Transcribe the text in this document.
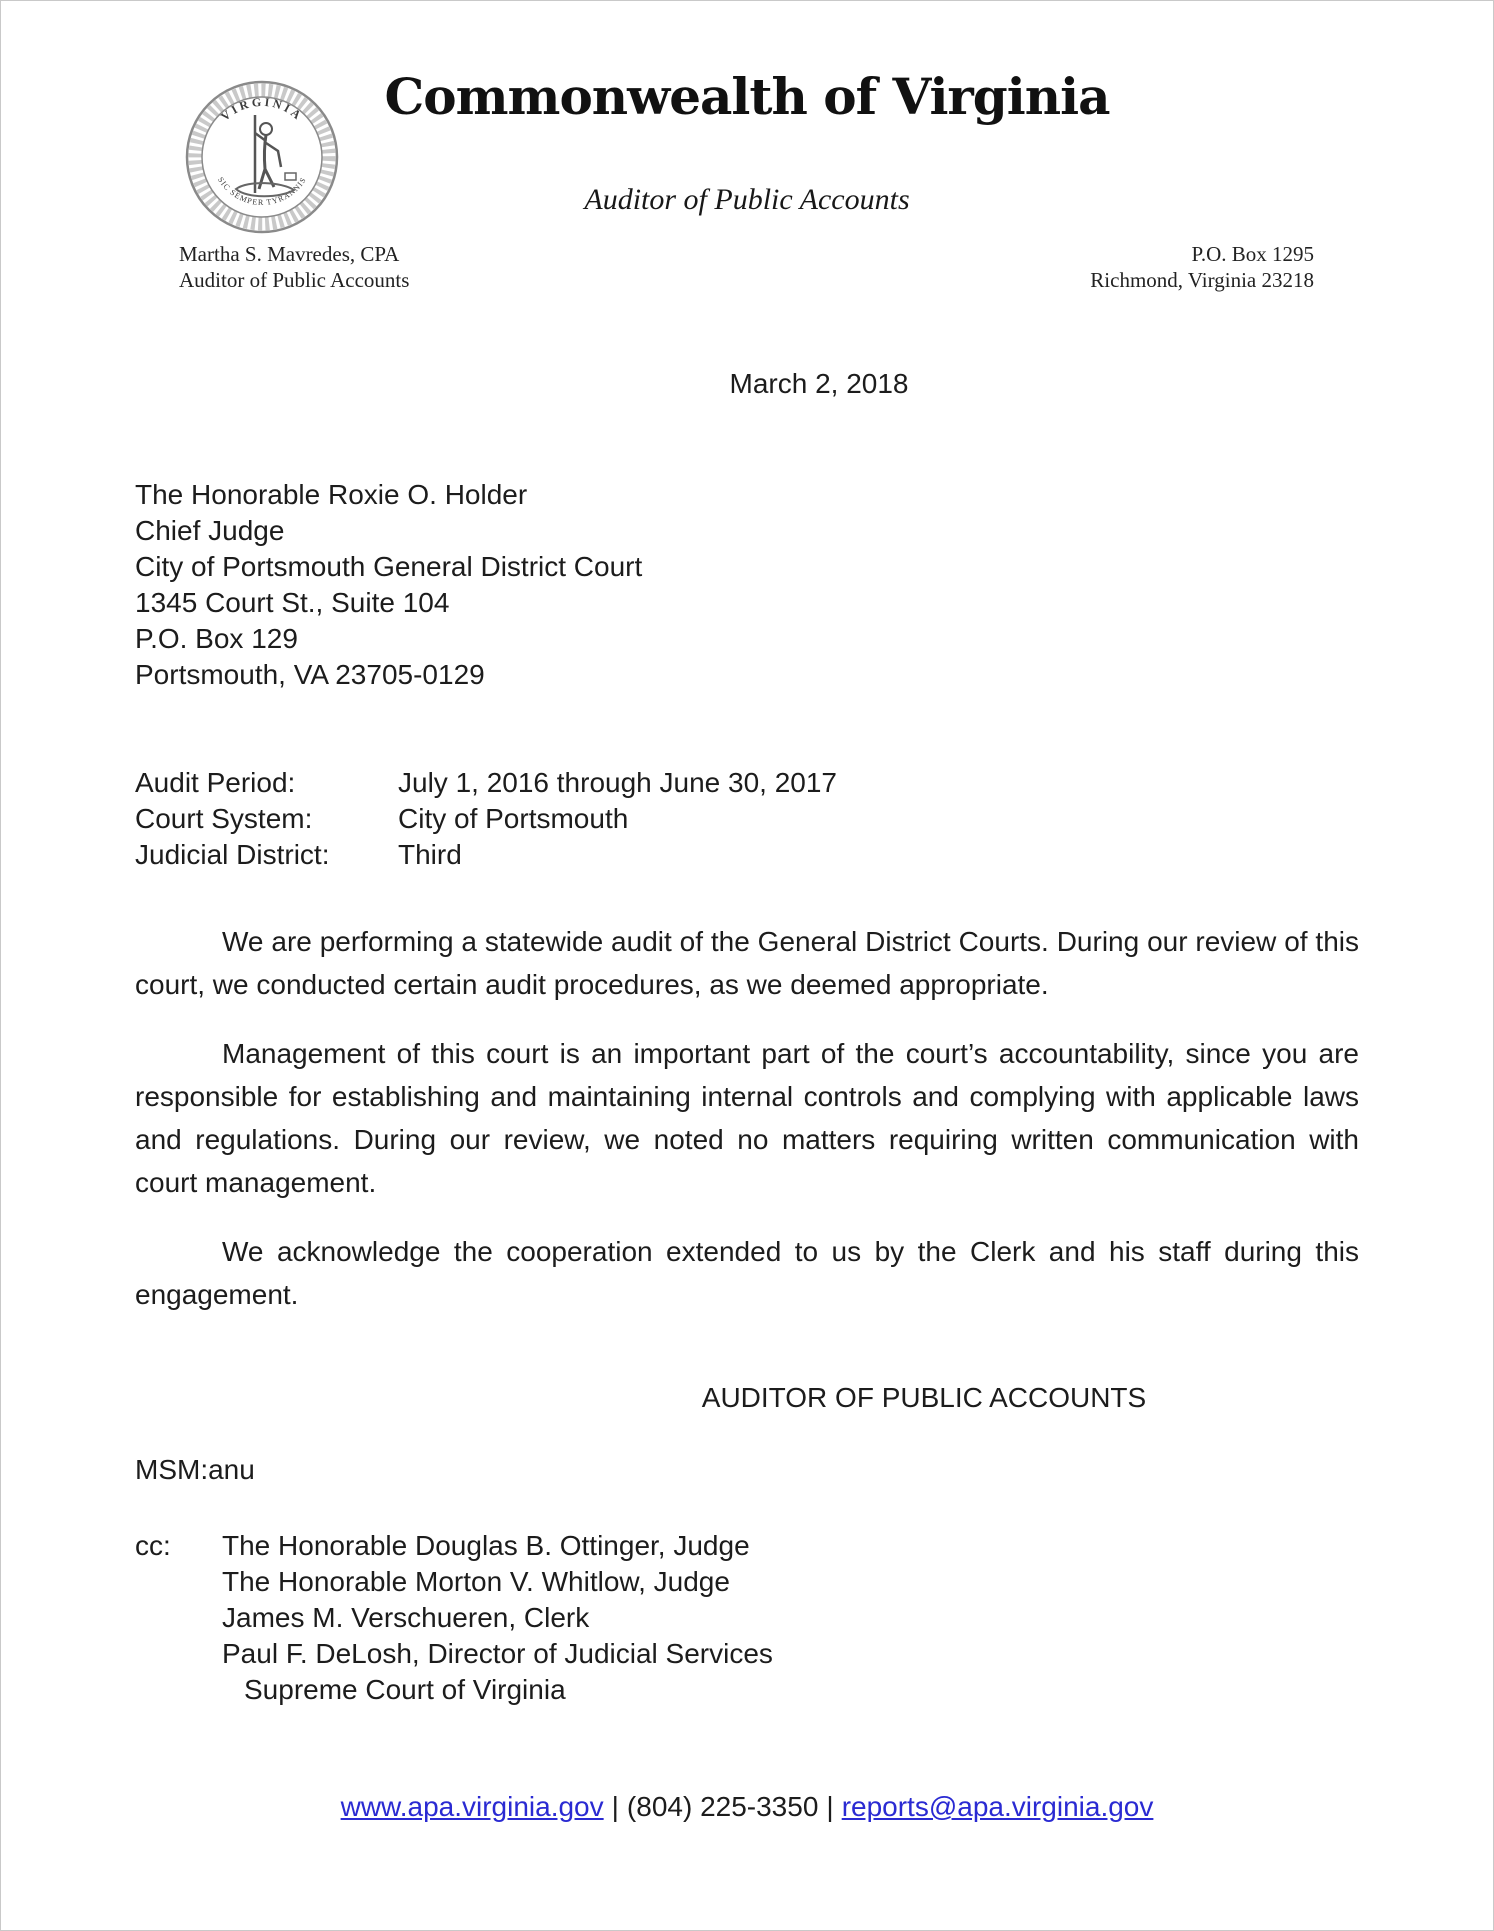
VIRGINIA
SIC SEMPER TYRANNIS
Commonwealth of Virginia
Auditor of Public Accounts
Martha S. Mavredes, CPA
Auditor of Public Accounts
P.O. Box 1295
Richmond, Virginia 23218
March 2, 2018
The Honorable Roxie O. Holder
Chief Judge
City of Portsmouth General District Court
1345 Court St., Suite 104
P.O. Box 129
Portsmouth, VA 23705-0129
Audit Period:	July 1, 2016 through June 30, 2017
Court System:	City of Portsmouth
Judicial District:	Third

We are performing a statewide audit of the General District Courts. During our review of this court, we conducted certain audit procedures, as we deemed appropriate.

Management of this court is an important part of the court’s accountability, since you are responsible for establishing and maintaining internal controls and complying with applicable laws and regulations. During our review, we noted no matters requiring written communication with court management.

We acknowledge the cooperation extended to us by the Clerk and his staff during this engagement.

AUDITOR OF PUBLIC ACCOUNTS
MSM:anu
cc:	The Honorable Douglas B. Ottinger, Judge
The Honorable Morton V. Whitlow, Judge
James M. Verschueren, Clerk
Paul F. DeLosh, Director of Judicial Services
Supreme Court of Virginia
www.apa.virginia.gov | (804) 225-3350 | reports@apa.virginia.gov
